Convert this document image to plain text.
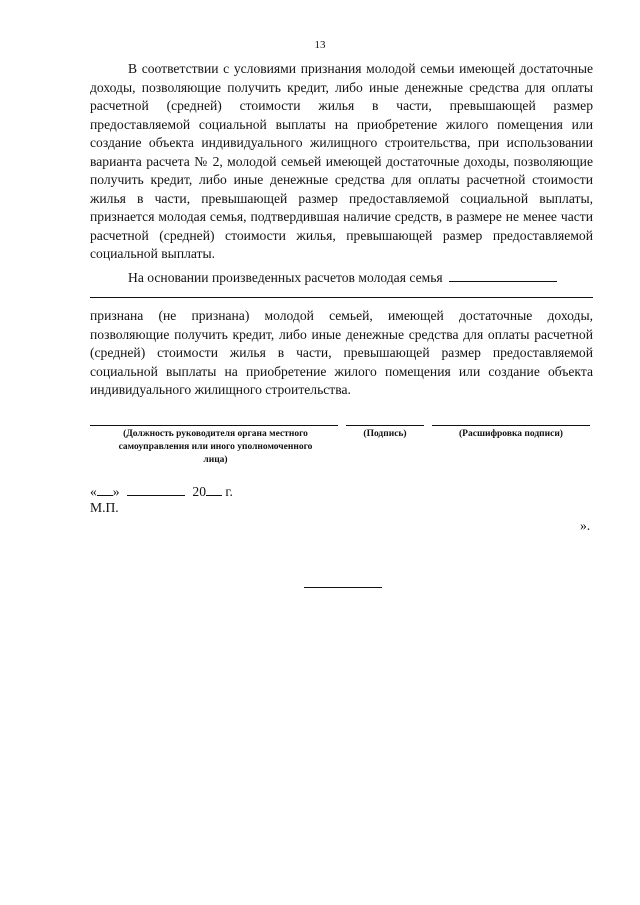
13

В соответствии с условиями признания молодой семьи имеющей достаточные доходы, позволяющие получить кредит, либо иные денежные средства для оплаты расчетной (средней) стоимости жилья в части, превышающей размер предоставляемой социальной выплаты на приобретение жилого помещения или создание объекта индивидуального жилищного строительства, при использовании варианта расчета № 2, молодой семьей имеющей достаточные доходы, позволяющие получить кредит, либо иные денежные средства для оплаты расчетной стоимости жилья в части, превышающей размер предоставляемой социальной выплаты, признается молодая семья, подтвердившая наличие средств, в размере не менее части расчетной (средней) стоимости жилья, превышающей размер предоставляемой социальной выплаты.

На основании произведенных расчетов молодая семья

признана (не признана) молодой семьей, имеющей достаточные доходы, позволяющие получить кредит, либо иные денежные средства для оплаты расчетной (средней) стоимости жилья в части, превышающей размер предоставляемой социальной выплаты на приобретение жилого помещения или создание объекта индивидуального жилищного строительства.

(Должность руководителя органа местного самоуправления или иного уполномоченного лица)
(Подпись)	(Расшифровка подписи)
« »	20 г.
М.П.
».
